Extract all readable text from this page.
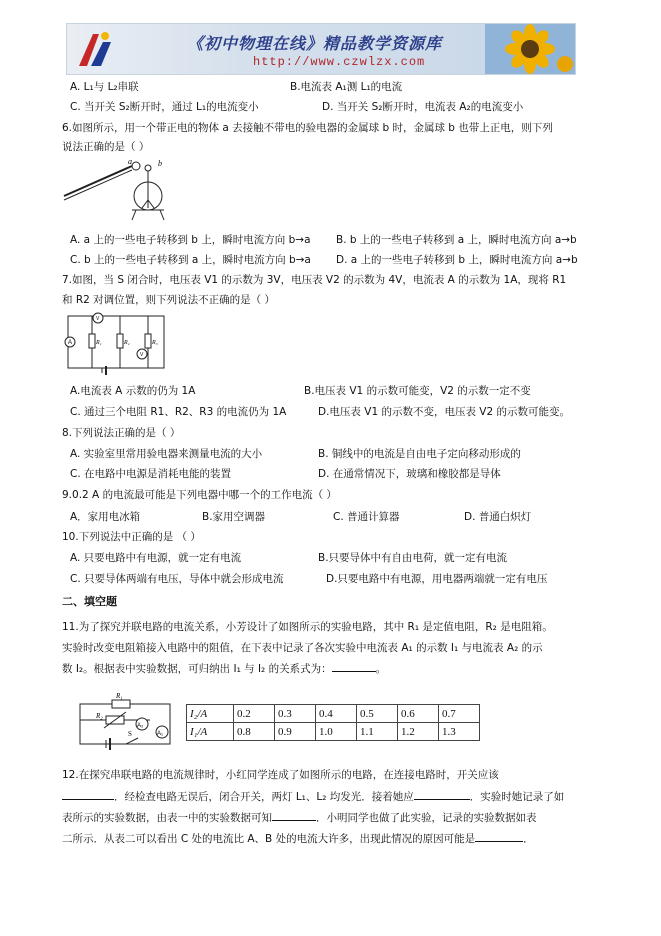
《初中物理在线》精品教学资源库
http://www.czwlzx.com
A. L₁与 L₂串联	B.电流表 A₁测 L₁的电流
C. 当开关 S₂断开时，通过 L₁的电流变小	D. 当开关 S₂断开时，电流表 A₂的电流变小
6.如图所示，用一个带正电的物体 a 去接触不带电的验电器的金属球 b 时，金属球 b 也带上正电，则下列
说法正确的是（ ）
a	b
A. a 上的一些电子转移到 b 上，瞬时电流方向 b→a B. b 上的一些电子转移到 a 上，瞬时电流方向 a→b
C. b 上的一些电子转移到 a 上，瞬时电流方向 b→a D. a 上的一些电子转移到 b 上，瞬时电流方向 a→b
7.如图，当 S 闭合时，电压表 V1 的示数为 3V，电压表 V2 的示数为 4V，电流表 A 的示数为 1A，现将 R1
和 R2 对调位置，则下列说法不正确的是（ ）
A
V
V
R₁	R₂	R₃
A.电流表 A 示数的仍为 1A	B.电压表 V1 的示数可能变，V2 的示数一定不变
C. 通过三个电阻 R1、R2、R3 的电流仍为 1A	D.电压表 V1 的示数不变，电压表 V2 的示数可能变。
8.下列说法正确的是（ ）
A. 实验室里常用验电器来测量电流的大小	B. 铜线中的电流是自由电子定向移动形成的
C. 在电路中电源是消耗电能的装置	D. 在通常情况下，玻璃和橡胶都是导体
9.0.2 A 的电流最可能是下列电器中哪一个的工作电流（ ）
A．家用电冰箱	B.家用空调器	C. 普通计算器	D. 普通白炽灯
10.下列说法中正确的是 （ ）
A. 只要电路中有电源，就一定有电流	B.只要导体中有自由电荷，就一定有电流
C. 只要导体两端有电压，导体中就会形成电流	D.只要电路中有电源，用电器两端就一定有电压
二、填空题
11.为了探究并联电路的电流关系，小芳设计了如图所示的实验电路，其中 R₁ 是定值电阻，R₂ 是电阻箱。
实验时改变电阻箱接入电路中的阻值，在下表中记录了各次实验中电流表 A₁ 的示数 I₁ 与电流表 A₂ 的示
数 I₂。根据表中实验数据，可归纳出 I₁ 与 I₂ 的关系式为：	。
R₁
R₂
A₂
A₁
S
I₂/A	0.2	0.3	0.4	0.5	0.6	0.7
I₁/A	0.8	0.9	1.0	1.1	1.2	1.3
12.在探究串联电路的电流规律时，小红同学连成了如图所示的电路，在连接电路时，开关应该
．经检查电路无误后，闭合开关，两灯 L₁、L₂ 均发光．接着她应	．实验时她记录了如
表所示的实验数据，由表一中的实验数据可知	．小明同学也做了此实验，记录的实验数据如表
二所示．从表二可以看出 C 处的电流比 A、B 处的电流大许多，出现此情况的原因可能是	．
